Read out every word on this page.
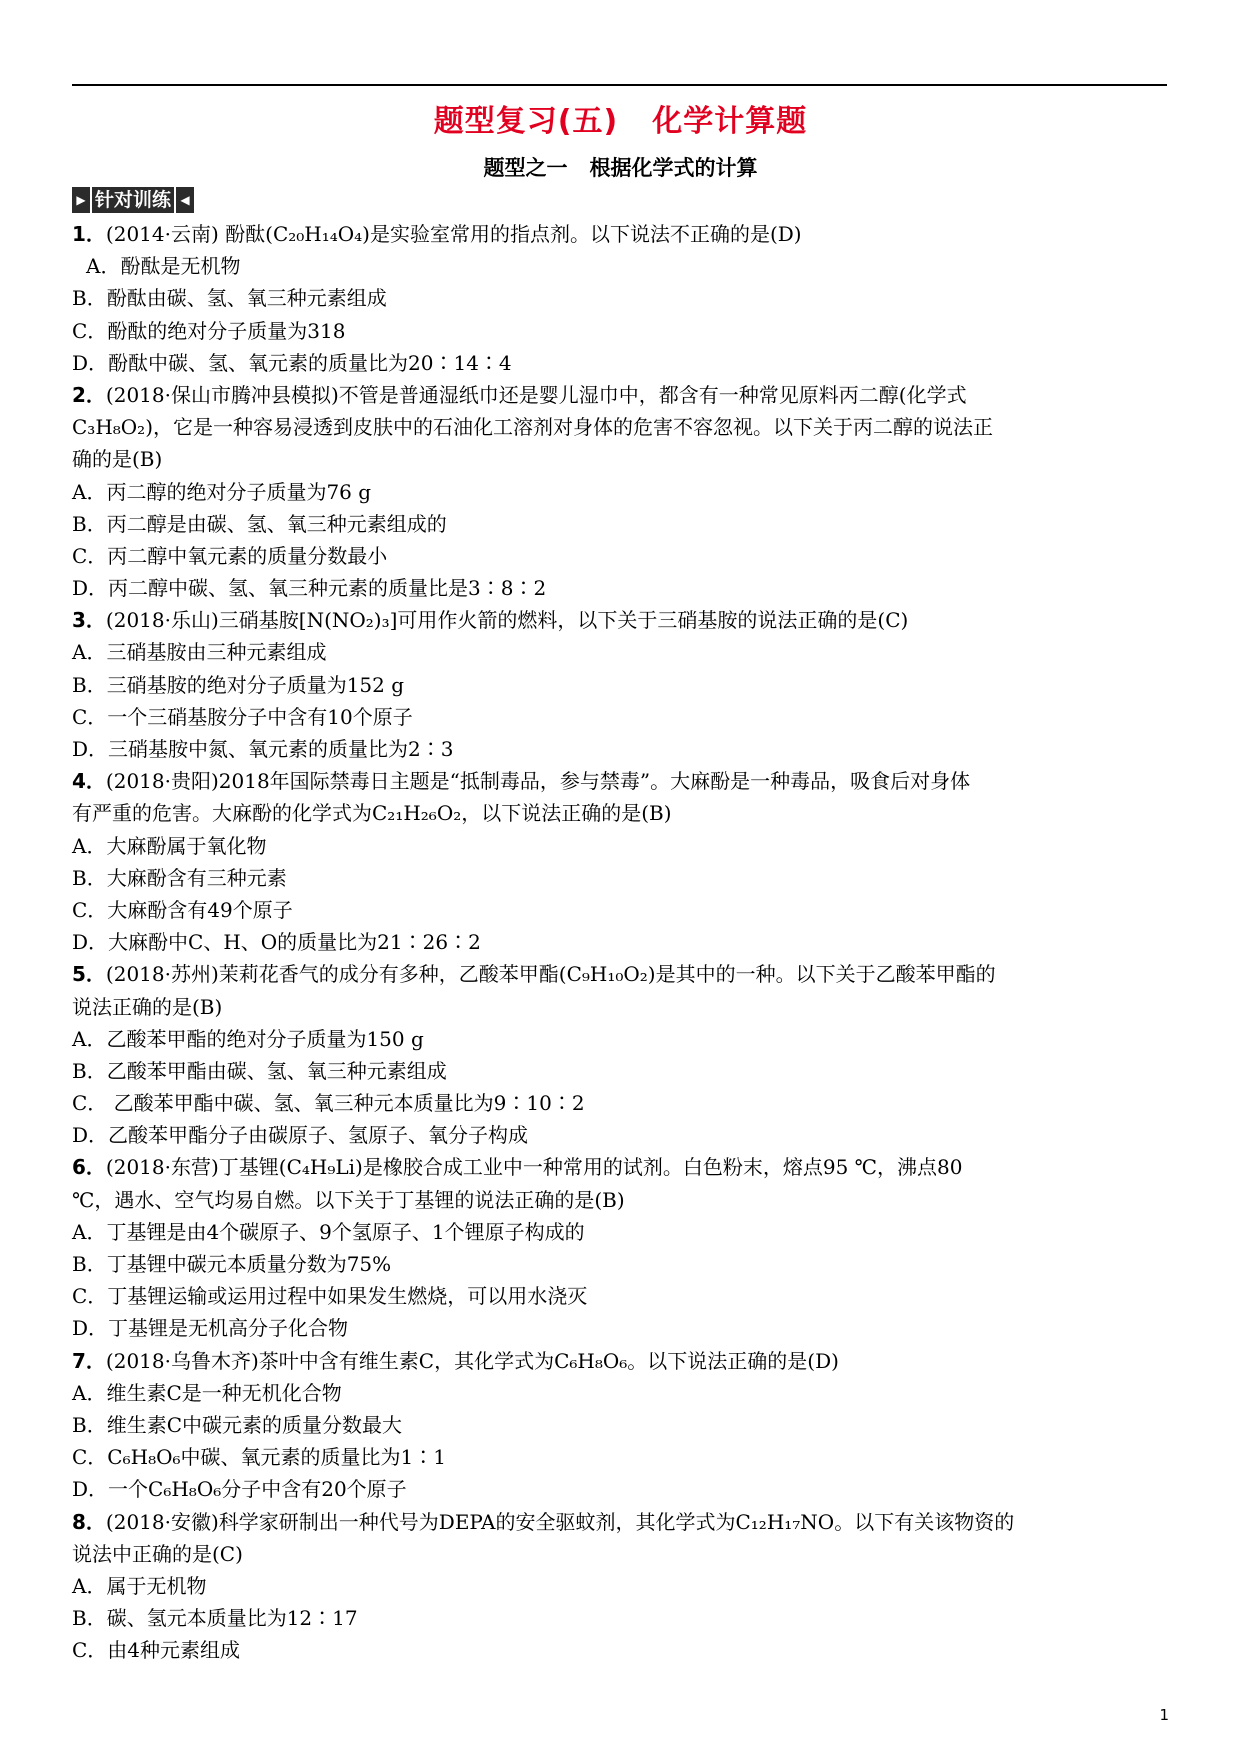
题型复习(五) 化学计算题
题型之一 根据化学式的计算
▶ 针对训练 ◀
1．(2014·云南) 酚酞(C₂₀H₁₄O₄)是实验室常用的指点剂。以下说法不正确的是(D)
A．酚酞是无机物
B．酚酞由碳、氢、氧三种元素组成
C．酚酞的绝对分子质量为318
D．酚酞中碳、氢、氧元素的质量比为20∶14∶4
2．(2018·保山市腾冲县模拟)不管是普通湿纸巾还是婴儿湿巾中，都含有一种常见原料丙二醇(化学式
C₃H₈O₂)，它是一种容易浸透到皮肤中的石油化工溶剂对身体的危害不容忽视。以下关于丙二醇的说法正
确的是(B)
A．丙二醇的绝对分子质量为76 g
B．丙二醇是由碳、氢、氧三种元素组成的
C．丙二醇中氧元素的质量分数最小
D．丙二醇中碳、氢、氧三种元素的质量比是3∶8∶2
3．(2018·乐山)三硝基胺[N(NO₂)₃]可用作火箭的燃料，以下关于三硝基胺的说法正确的是(C)
A．三硝基胺由三种元素组成
B．三硝基胺的绝对分子质量为152 g
C．一个三硝基胺分子中含有10个原子
D．三硝基胺中氮、氧元素的质量比为2∶3
4．(2018·贵阳)2018年国际禁毒日主题是“抵制毒品，参与禁毒”。大麻酚是一种毒品，吸食后对身体
有严重的危害。大麻酚的化学式为C₂₁H₂₆O₂，以下说法正确的是(B)
A．大麻酚属于氧化物
B．大麻酚含有三种元素
C．大麻酚含有49个原子
D．大麻酚中C、H、O的质量比为21∶26∶2
5．(2018·苏州)茉莉花香气的成分有多种，乙酸苯甲酯(C₉H₁₀O₂)是其中的一种。以下关于乙酸苯甲酯的
说法正确的是(B)
A．乙酸苯甲酯的绝对分子质量为150 g
B．乙酸苯甲酯由碳、氢、氧三种元素组成
C． 乙酸苯甲酯中碳、氢、氧三种元本质量比为9∶10∶2
D．乙酸苯甲酯分子由碳原子、氢原子、氧分子构成
6．(2018·东营)丁基锂(C₄H₉Li)是橡胶合成工业中一种常用的试剂。白色粉末，熔点95 ℃，沸点80
℃，遇水、空气均易自燃。以下关于丁基锂的说法正确的是(B)
A．丁基锂是由4个碳原子、9个氢原子、1个锂原子构成的
B．丁基锂中碳元本质量分数为75%
C．丁基锂运输或运用过程中如果发生燃烧，可以用水浇灭
D．丁基锂是无机高分子化合物
7．(2018·乌鲁木齐)茶叶中含有维生素C，其化学式为C₆H₈O₆。以下说法正确的是(D)
A．维生素C是一种无机化合物
B．维生素C中碳元素的质量分数最大
C．C₆H₈O₆中碳、氧元素的质量比为1∶1
D．一个C₆H₈O₆分子中含有20个原子
8．(2018·安徽)科学家研制出一种代号为DEPA的安全驱蚊剂，其化学式为C₁₂H₁₇NO。以下有关该物资的
说法中正确的是(C)
A．属于无机物
B．碳、氢元本质量比为12∶17
C．由4种元素组成
1
